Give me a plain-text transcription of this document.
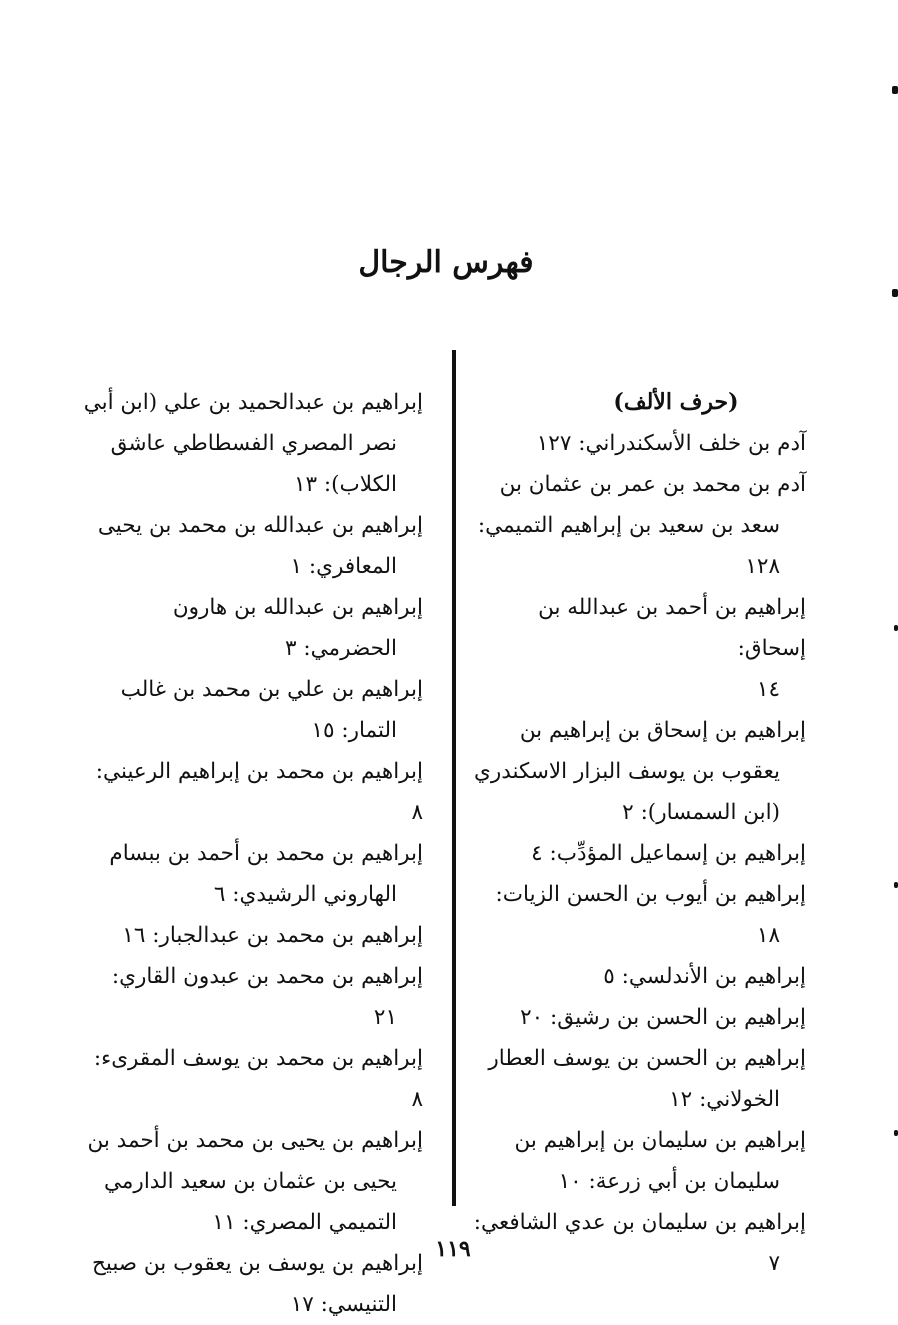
فهرس الرجال
(حرف الألف)
آدم بن خلف الأسكندراني: ١٢٧
آدم بن محمد بن عمر بن عثمان بن
سعد بن سعيد بن إبراهيم التميمي:
١٢٨
إبراهيم بن أحمد بن عبدالله بن إسحاق:
١٤
إبراهيم بن إسحاق بن إبراهيم بن
يعقوب بن يوسف البزار الاسكندري
(ابن السمسار): ٢
إبراهيم بن إسماعيل المؤدِّب: ٤
إبراهيم بن أيوب بن الحسن الزيات:
١٨
إبراهيم بن الأندلسي: ٥
إبراهيم بن الحسن بن رشيق: ٢٠
إبراهيم بن الحسن بن يوسف العطار
الخولاني: ١٢
إبراهيم بن سليمان بن إبراهيم بن
سليمان بن أبي زرعة: ١٠
إبراهيم بن سليمان بن عدي الشافعي:
٧
إبراهيم بن عبدالحميد بن علي (ابن أبي
نصر المصري الفسطاطي عاشق
الكلاب): ١٣
إبراهيم بن عبدالله بن محمد بن يحيى
المعافري: ١
إبراهيم بن عبدالله بن هارون
الحضرمي: ٣
إبراهيم بن علي بن محمد بن غالب
التمار: ١٥
إبراهيم بن محمد بن إبراهيم الرعيني: ٨
إبراهيم بن محمد بن أحمد بن ببسام
الهاروني الرشيدي: ٦
إبراهيم بن محمد بن عبدالجبار: ١٦
إبراهيم بن محمد بن عبدون القاري:
٢١
إبراهيم بن محمد بن يوسف المقرىء: ٨
إبراهيم بن يحيى بن محمد بن أحمد بن
يحيى بن عثمان بن سعيد الدارمي
التميمي المصري: ١١
إبراهيم بن يوسف بن يعقوب بن صبيح
التنيسي: ١٧
١١٩
